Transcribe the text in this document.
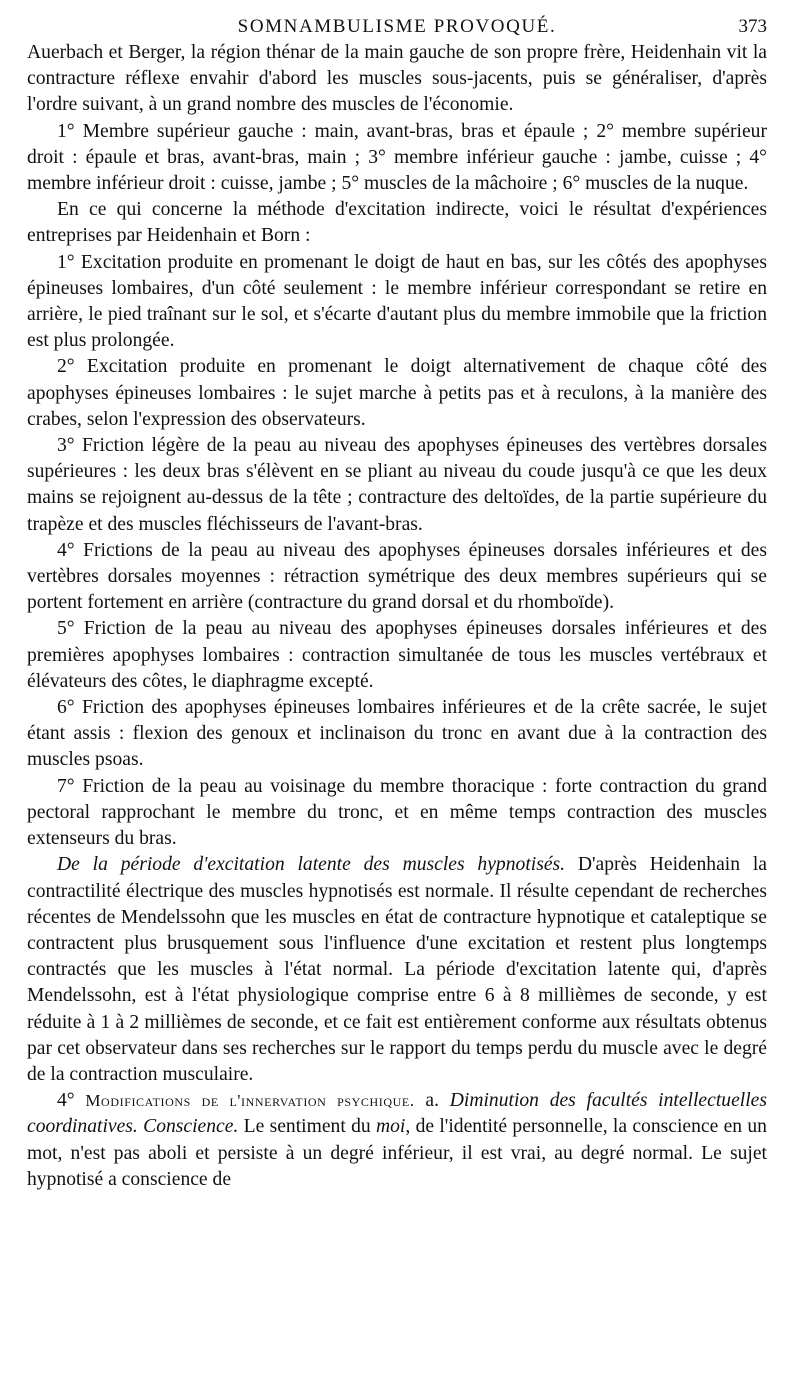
SOMNAMBULISME PROVOQUÉ.	373

Auerbach et Berger, la région thénar de la main gauche de son propre frère, Heidenhain vit la contracture réflexe envahir d'abord les muscles sous-jacents, puis se généraliser, d'après l'ordre suivant, à un grand nombre des muscles de l'économie.

1° Membre supérieur gauche : main, avant-bras, bras et épaule ; 2° membre supérieur droit : épaule et bras, avant-bras, main ; 3° membre inférieur gauche : jambe, cuisse ; 4° membre inférieur droit : cuisse, jambe ; 5° muscles de la mâchoire ; 6° muscles de la nuque.

En ce qui concerne la méthode d'excitation indirecte, voici le résultat d'expériences entreprises par Heidenhain et Born :

1° Excitation produite en promenant le doigt de haut en bas, sur les côtés des apophyses épineuses lombaires, d'un côté seulement : le membre inférieur correspondant se retire en arrière, le pied traînant sur le sol, et s'écarte d'autant plus du membre immobile que la friction est plus prolongée.

2° Excitation produite en promenant le doigt alternativement de chaque côté des apophyses épineuses lombaires : le sujet marche à petits pas et à reculons, à la manière des crabes, selon l'expression des observateurs.

3° Friction légère de la peau au niveau des apophyses épineuses des vertèbres dorsales supérieures : les deux bras s'élèvent en se pliant au niveau du coude jusqu'à ce que les deux mains se rejoignent au-dessus de la tête ; contracture des deltoïdes, de la partie supérieure du trapèze et des muscles fléchisseurs de l'avant-bras.

4° Frictions de la peau au niveau des apophyses épineuses dorsales inférieures et des vertèbres dorsales moyennes : rétraction symétrique des deux membres supérieurs qui se portent fortement en arrière (contracture du grand dorsal et du rhomboïde).

5° Friction de la peau au niveau des apophyses épineuses dorsales inférieures et des premières apophyses lombaires : contraction simultanée de tous les muscles vertébraux et élévateurs des côtes, le diaphragme excepté.

6° Friction des apophyses épineuses lombaires inférieures et de la crête sacrée, le sujet étant assis : flexion des genoux et inclinaison du tronc en avant due à la contraction des muscles psoas.

7° Friction de la peau au voisinage du membre thoracique : forte contraction du grand pectoral rapprochant le membre du tronc, et en même temps contraction des muscles extenseurs du bras.

De la période d'excitation latente des muscles hypnotisés. D'après Heidenhain la contractilité électrique des muscles hypnotisés est normale. Il résulte cependant de recherches récentes de Mendelssohn que les muscles en état de contracture hypnotique et cataleptique se contractent plus brusquement sous l'influence d'une excitation et restent plus longtemps contractés que les muscles à l'état normal. La période d'excitation latente qui, d'après Mendelssohn, est à l'état physiologique comprise entre 6 à 8 millièmes de seconde, y est réduite à 1 à 2 millièmes de seconde, et ce fait est entièrement conforme aux résultats obtenus par cet observateur dans ses recherches sur le rapport du temps perdu du muscle avec le degré de la contraction musculaire.

4° Modifications de l'innervation psychique. a. Diminution des facultés intellectuelles coordinatives. Conscience. Le sentiment du moi, de l'identité personnelle, la conscience en un mot, n'est pas aboli et persiste à un degré inférieur, il est vrai, au degré normal. Le sujet hypnotisé a conscience de
